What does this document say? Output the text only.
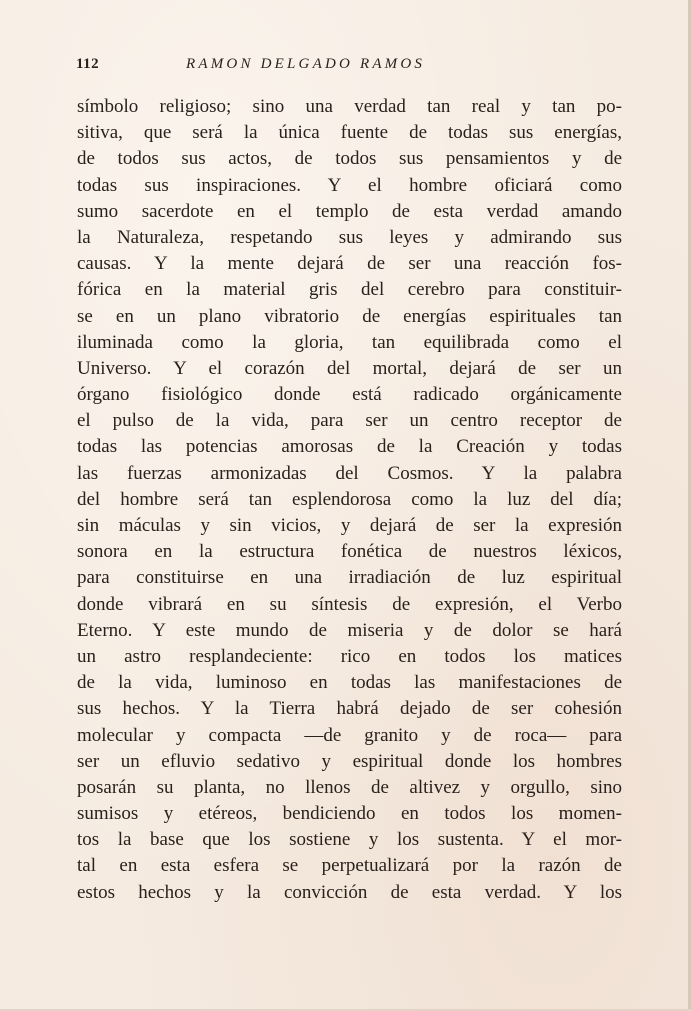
112	RAMON DELGADO RAMOS
símbolo religioso; sino una verdad tan real y tan po-
sitiva, que será la única fuente de todas sus energías,
de todos sus actos, de todos sus pensamientos y de
todas sus inspiraciones. Y el hombre oficiará como
sumo sacerdote en el templo de esta verdad amando
la Naturaleza, respetando sus leyes y admirando sus
causas. Y la mente dejará de ser una reacción fos-
fórica en la material gris del cerebro para constituir-
se en un plano vibratorio de energías espirituales tan
iluminada como la gloria, tan equilibrada como el
Universo. Y el corazón del mortal, dejará de ser un
órgano fisiológico donde está radicado orgánicamente
el pulso de la vida, para ser un centro receptor de
todas las potencias amorosas de la Creación y todas
las fuerzas armonizadas del Cosmos. Y la palabra
del hombre será tan esplendorosa como la luz del día;
sin máculas y sin vicios, y dejará de ser la expresión
sonora en la estructura fonética de nuestros léxicos,
para constituirse en una irradiación de luz espiritual
donde vibrará en su síntesis de expresión, el Verbo
Eterno. Y este mundo de miseria y de dolor se hará
un astro resplandeciente: rico en todos los matices
de la vida, luminoso en todas las manifestaciones de
sus hechos. Y la Tierra habrá dejado de ser cohesión
molecular y compacta —de granito y de roca— para
ser un efluvio sedativo y espiritual donde los hombres
posarán su planta, no llenos de altivez y orgullo, sino
sumisos y etéreos, bendiciendo en todos los momen-
tos la base que los sostiene y los sustenta. Y el mor-
tal en esta esfera se perpetualizará por la razón de
estos hechos y la convicción de esta verdad. Y los
